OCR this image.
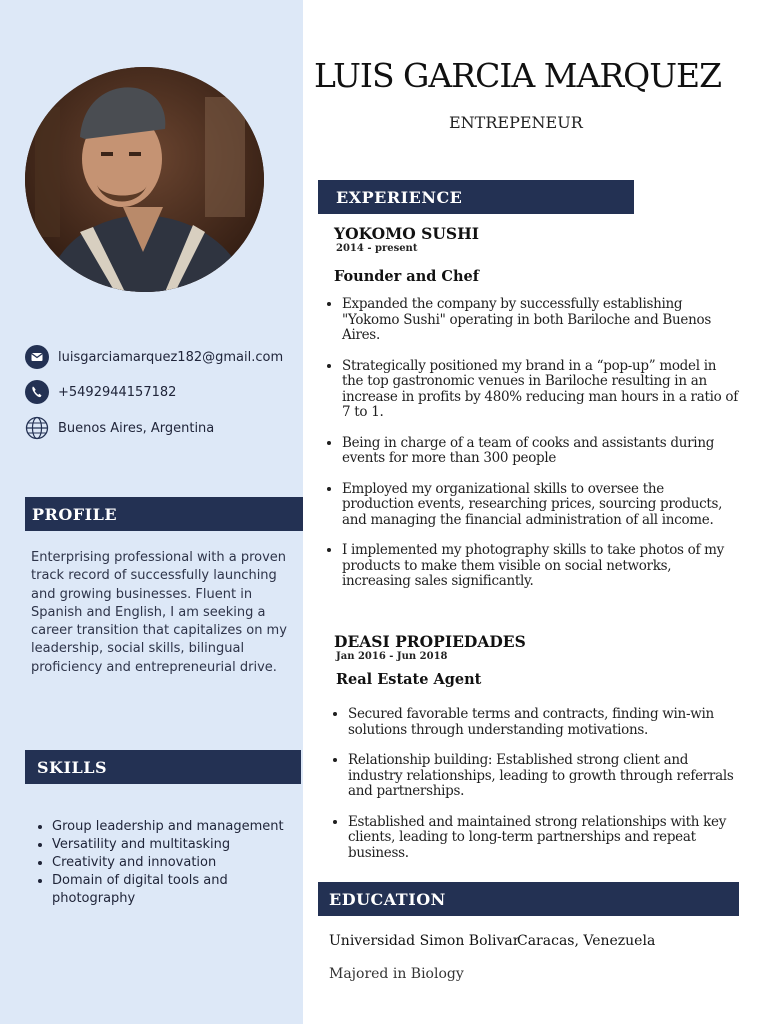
luisgarciamarquez182@gmail.com
+5492944157182
Buenos Aires, Argentina
PROFILE

Enterprising professional with a proven track record of successfully launching and growing businesses. Fluent in Spanish and English, I am seeking a career transition that capitalizes on my leadership, social skills, bilingual proficiency and entrepreneurial drive.

SKILLS
• Group leadership and management
• Versatility and multitasking
• Creativity and innovation
• Domain of digital tools and photography
LUIS GARCIA MARQUEZ
ENTREPENEUR
EXPERIENCE
YOKOMO SUSHI
2014 - present
Founder and Chef
• Expanded the company by successfully establishing "Yokomo Sushi" operating in both Bariloche and Buenos Aires.
• Strategically positioned my brand in a “pop-up” model in the top gastronomic venues in Bariloche resulting in an increase in profits by 480% reducing man hours in a ratio of 7 to 1.
• Being in charge of a team of cooks and assistants during events for more than 300 people
• Employed my organizational skills to oversee the production events, researching prices, sourcing products, and managing the financial administration of all income.
• I implemented my photography skills to take photos of my products to make them visible on social networks, increasing sales significantly.
DEASI PROPIEDADES
Jan 2016 - Jun 2018
Real Estate Agent
• Secured favorable terms and contracts, finding win-win solutions through understanding motivations.
• Relationship building: Established strong client and industry relationships, leading to growth through referrals and partnerships.
• Established and maintained strong relationships with key clients, leading to long-term partnerships and repeat business.
EDUCATION
Universidad Simon Bolivar
Caracas, Venezuela
Majored in Biology
